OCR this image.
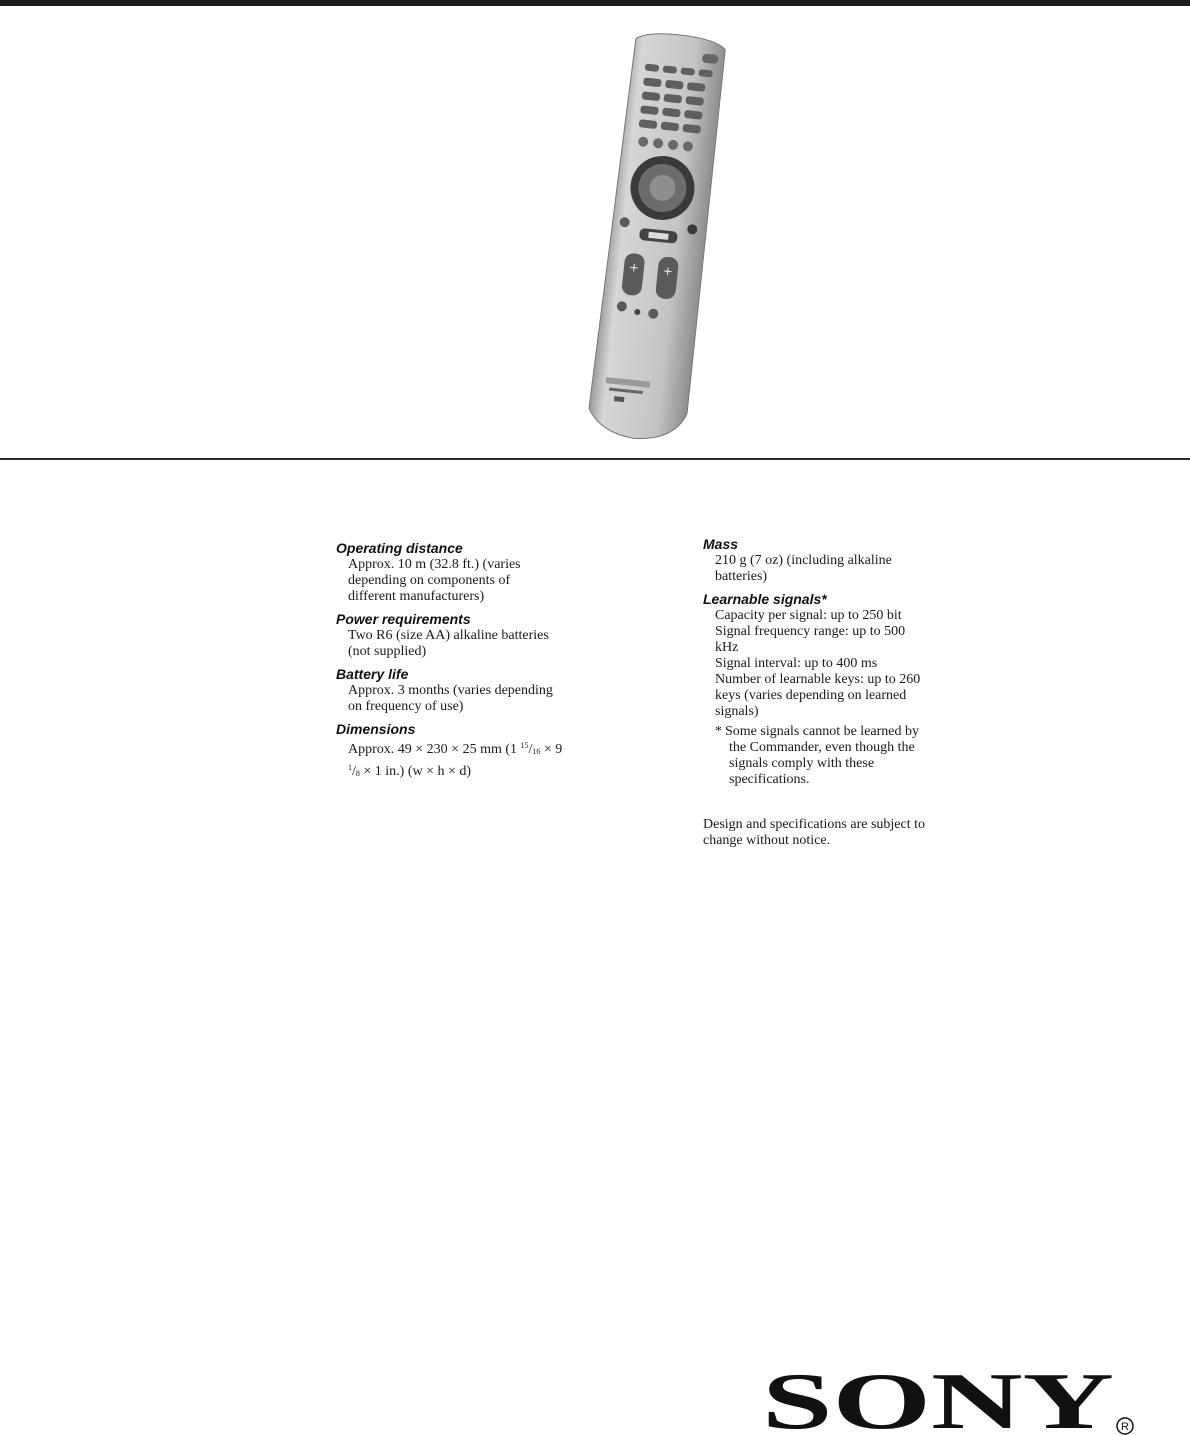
+ +
Operating distance
Approx. 10 m (32.8 ft.) (varies
depending on components of
different manufacturers)
Power requirements
Two R6 (size AA) alkaline batteries
(not supplied)
Battery life
Approx. 3 months (varies depending
on frequency of use)
Dimensions
Approx. 49 × 230 × 25 mm (1 $^{15}$/16 × 9
$^1$/8 × 1 in.) (w × h × d)
Mass
210 g (7 oz) (including alkaline
batteries)
Learnable signals*
Capacity per signal: up to 250 bit
Signal frequency range: up to 500
kHz
Signal interval: up to 400 ms
Number of learnable keys: up to 260
keys (varies depending on learned
signals)
* Some signals cannot be learned by
the Commander, even though the
signals comply with these
specifications.
Design and specifications are subject to
change without notice.
SONY R
